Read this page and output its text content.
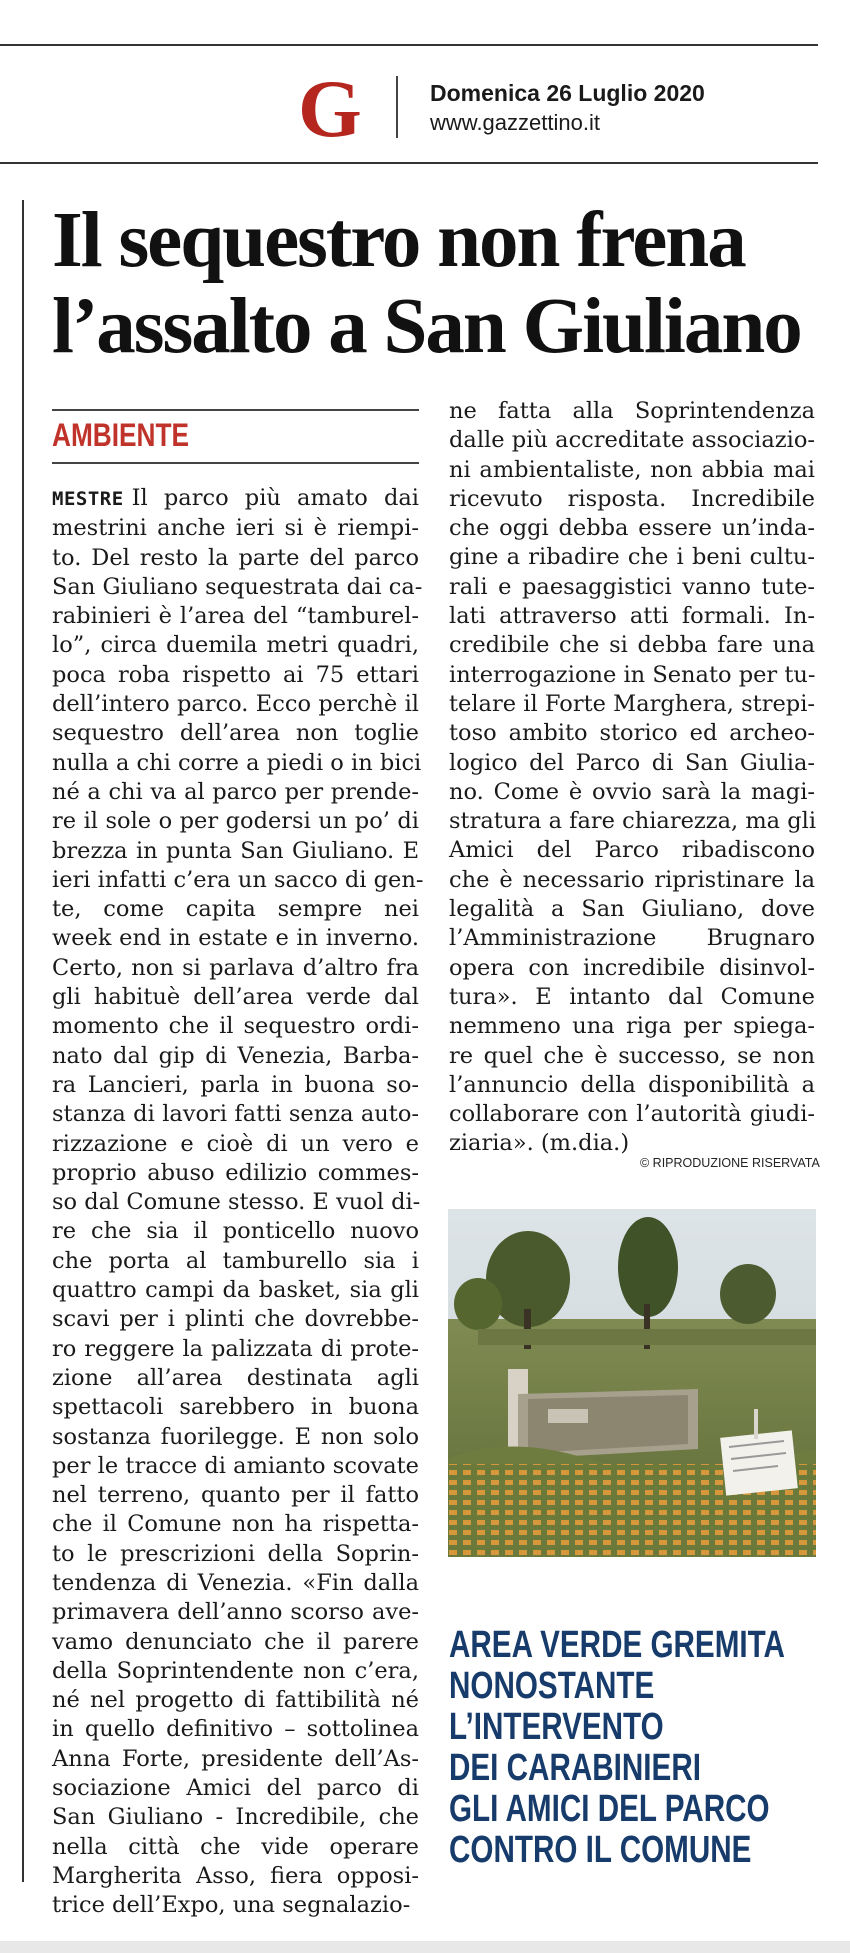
G	Domenica 26 Luglio 2020
www.gazzettino.it
Il sequestro non frena
l’assalto a San Giuliano
AMBIENTE
MESTRE Il parco più amato dai
mestrini anche ieri si è riempi-
to. Del resto la parte del parco
San Giuliano sequestrata dai ca-
rabinieri è l’area del “tamburel-
lo”, circa duemila metri quadri,
poca roba rispetto ai 75 ettari
dell’intero parco. Ecco perchè il
sequestro dell’area non toglie
nulla a chi corre a piedi o in bici
né a chi va al parco per prende-
re il sole o per godersi un po’ di
brezza in punta San Giuliano. E
ieri infatti c’era un sacco di gen-
te, come capita sempre nei
week end in estate e in inverno.
Certo, non si parlava d’altro fra
gli habituè dell’area verde dal
momento che il sequestro ordi-
nato dal gip di Venezia, Barba-
ra Lancieri, parla in buona so-
stanza di lavori fatti senza auto-
rizzazione e cioè di un vero e
proprio abuso edilizio commes-
so dal Comune stesso. E vuol di-
re che sia il ponticello nuovo
che porta al tamburello sia i
quattro campi da basket, sia gli
scavi per i plinti che dovrebbe-
ro reggere la palizzata di prote-
zione all’area destinata agli
spettacoli sarebbero in buona
sostanza fuorilegge. E non solo
per le tracce di amianto scovate
nel terreno, quanto per il fatto
che il Comune non ha rispetta-
to le prescrizioni della Soprin-
tendenza di Venezia. «Fin dalla
primavera dell’anno scorso ave-
vamo denunciato che il parere
della Soprintendente non c’era,
né nel progetto di fattibilità né
in quello definitivo – sottolinea
Anna Forte, presidente dell’As-
sociazione Amici del parco di
San Giuliano - Incredibile, che
nella città che vide operare
Margherita Asso, fiera opposi-
trice dell’Expo, una segnalazio-
ne fatta alla Soprintendenza
dalle più accreditate associazio-
ni ambientaliste, non abbia mai
ricevuto risposta. Incredibile
che oggi debba essere un’inda-
gine a ribadire che i beni cultu-
rali e paesaggistici vanno tute-
lati attraverso atti formali. In-
credibile che si debba fare una
interrogazione in Senato per tu-
telare il Forte Marghera, strepi-
toso ambito storico ed archeo-
logico del Parco di San Giulia-
no. Come è ovvio sarà la magi-
stratura a fare chiarezza, ma gli
Amici del Parco ribadiscono
che è necessario ripristinare la
legalità a San Giuliano, dove
l’Amministrazione Brugnaro
opera con incredibile disinvol-
tura». E intanto dal Comune
nemmeno una riga per spiega-
re quel che è successo, se non
l’annuncio della disponibilità a
collaborare con l’autorità giudi-
ziaria». (m.dia.)
© RIPRODUZIONE RISERVATA
AREA VERDE GREMITA
NONOSTANTE
L’INTERVENTO
DEI CARABINIERI
GLI AMICI DEL PARCO
CONTRO IL COMUNE
